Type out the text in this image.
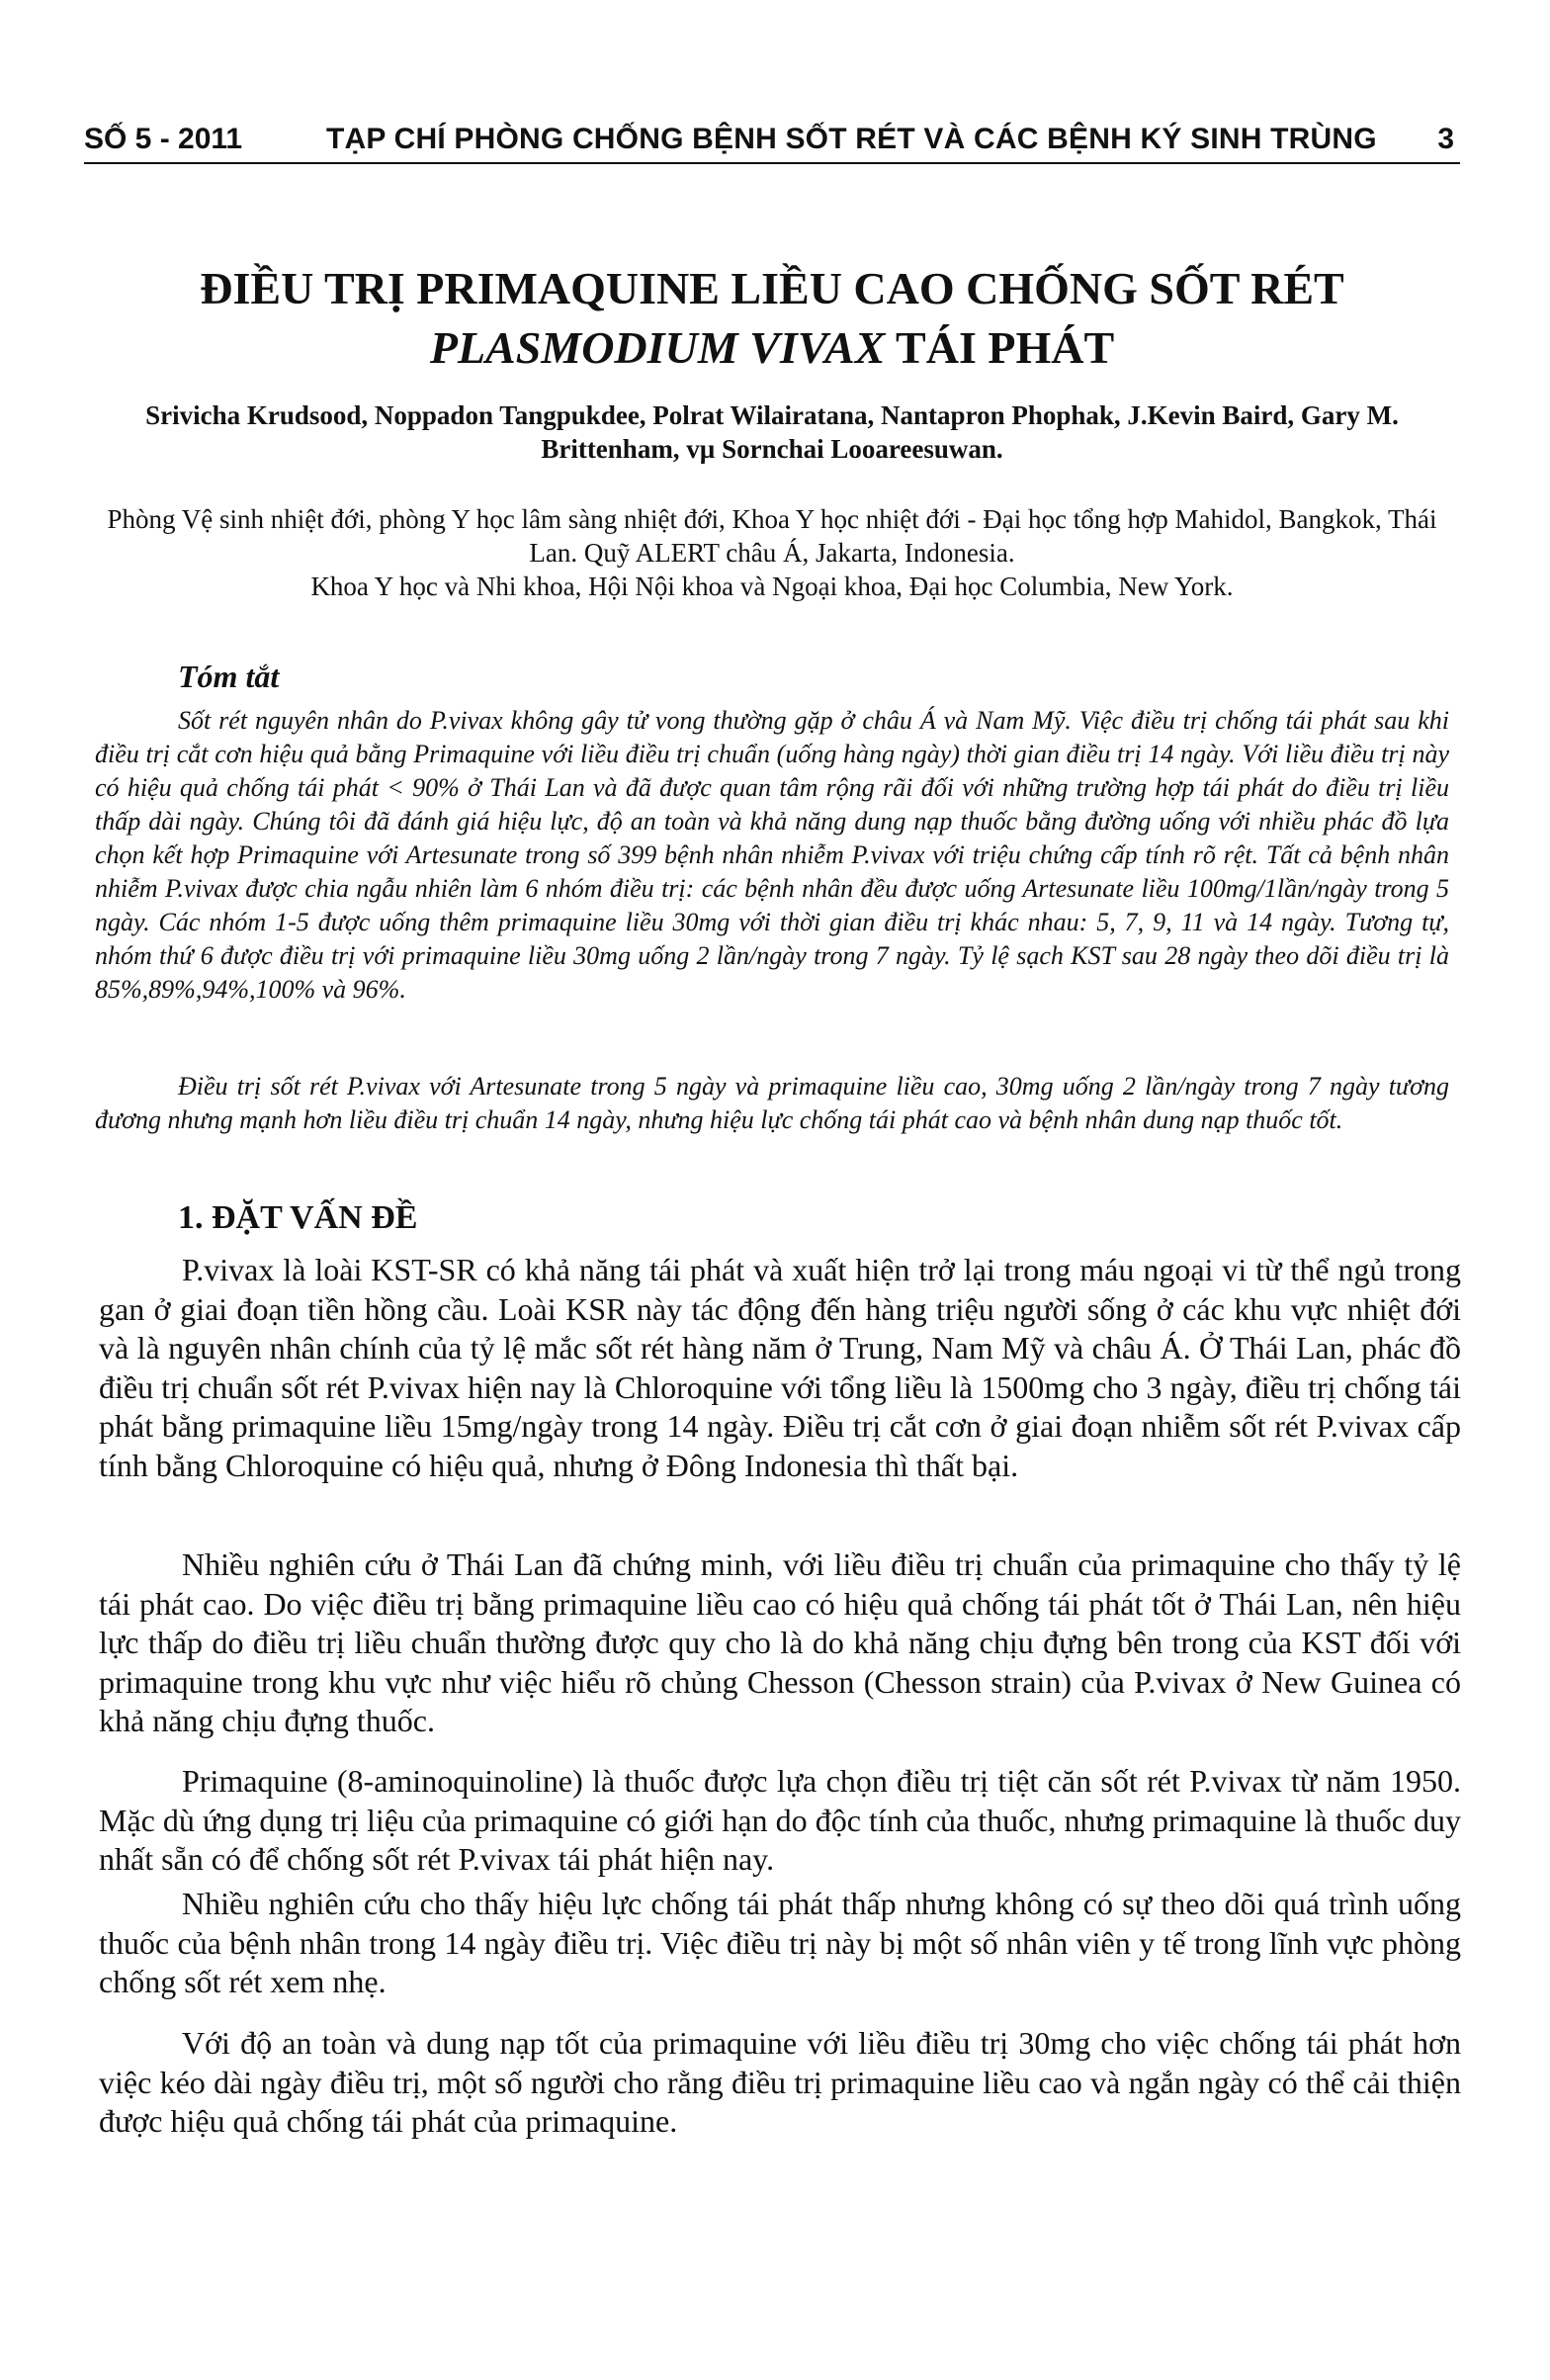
SỐ 5 - 2011	TẠP CHÍ PHÒNG CHỐNG BỆNH SỐT RÉT VÀ CÁC BỆNH KÝ SINH TRÙNG 3
ĐIỀU TRỊ PRIMAQUINE LIỀU CAO CHỐNG SỐT RÉT
PLASMODIUM VIVAX TÁI PHÁT

Srivicha Krudsood, Noppadon Tangpukdee, Polrat Wilairatana, Nantapron Phophak, J.Kevin Baird, Gary M. Brittenham, vµ Sornchai Looareesuwan.

Phòng Vệ sinh nhiệt đới, phòng Y học lâm sàng nhiệt đới, Khoa Y học nhiệt đới - Đại học tổng hợp Mahidol, Bangkok, Thái Lan. Quỹ ALERT châu Á, Jakarta, Indonesia.

Khoa Y học và Nhi khoa, Hội Nội khoa và Ngoại khoa, Đại học Columbia, New York.

Tóm tắt

Sốt rét nguyên nhân do P.vivax không gây tử vong thường gặp ở châu Á và Nam Mỹ. Việc điều trị chống tái phát sau khi điều trị cắt cơn hiệu quả bằng Primaquine với liều điều trị chuẩn (uống hàng ngày) thời gian điều trị 14 ngày. Với liều điều trị này có hiệu quả chống tái phát < 90% ở Thái Lan và đã được quan tâm rộng rãi đối với những trường hợp tái phát do điều trị liều thấp dài ngày. Chúng tôi đã đánh giá hiệu lực, độ an toàn và khả năng dung nạp thuốc bằng đường uống với nhiều phác đồ lựa chọn kết hợp Primaquine với Artesunate trong số 399 bệnh nhân nhiễm P.vivax với triệu chứng cấp tính rõ rệt. Tất cả bệnh nhân nhiễm P.vivax được chia ngẫu nhiên làm 6 nhóm điều trị: các bệnh nhân đều được uống Artesunate liều 100mg/1lần/ngày trong 5 ngày. Các nhóm 1-5 được uống thêm primaquine liều 30mg với thời gian điều trị khác nhau: 5, 7, 9, 11 và 14 ngày. Tương tự, nhóm thứ 6 được điều trị với primaquine liều 30mg uống 2 lần/ngày trong 7 ngày. Tỷ lệ sạch KST sau 28 ngày theo dõi điều trị là 85%,89%,94%,100% và 96%.

Điều trị sốt rét P.vivax với Artesunate trong 5 ngày và primaquine liều cao, 30mg uống 2 lần/ngày trong 7 ngày tương đương nhưng mạnh hơn liều điều trị chuẩn 14 ngày, nhưng hiệu lực chống tái phát cao và bệnh nhân dung nạp thuốc tốt.

1. ĐẶT VẤN ĐỀ

P.vivax là loài KST-SR có khả năng tái phát và xuất hiện trở lại trong máu ngoại vi từ thể ngủ trong gan ở giai đoạn tiền hồng cầu. Loài KSR này tác động đến hàng triệu người sống ở các khu vực nhiệt đới và là nguyên nhân chính của tỷ lệ mắc sốt rét hàng năm ở Trung, Nam Mỹ và châu Á. Ở Thái Lan, phác đồ điều trị chuẩn sốt rét P.vivax hiện nay là Chloroquine với tổng liều là 1500mg cho 3 ngày, điều trị chống tái phát bằng primaquine liều 15mg/ngày trong 14 ngày. Điều trị cắt cơn ở giai đoạn nhiễm sốt rét P.vivax cấp tính bằng Chloroquine có hiệu quả, nhưng ở Đông Indonesia thì thất bại.

Nhiều nghiên cứu ở Thái Lan đã chứng minh, với liều điều trị chuẩn của primaquine cho thấy tỷ lệ tái phát cao. Do việc điều trị bằng primaquine liều cao có hiệu quả chống tái phát tốt ở Thái Lan, nên hiệu lực thấp do điều trị liều chuẩn thường được quy cho là do khả năng chịu đựng bên trong của KST đối với primaquine trong khu vực như việc hiểu rõ chủng Chesson (Chesson strain) của P.vivax ở New Guinea có khả năng chịu đựng thuốc.

Primaquine (8-aminoquinoline) là thuốc được lựa chọn điều trị tiệt căn sốt rét P.vivax từ năm 1950. Mặc dù ứng dụng trị liệu của primaquine có giới hạn do độc tính của thuốc, nhưng primaquine là thuốc duy nhất sẵn có để chống sốt rét P.vivax tái phát hiện nay.

Nhiều nghiên cứu cho thấy hiệu lực chống tái phát thấp nhưng không có sự theo dõi quá trình uống thuốc của bệnh nhân trong 14 ngày điều trị. Việc điều trị này bị một số nhân viên y tế trong lĩnh vực phòng chống sốt rét xem nhẹ.

Với độ an toàn và dung nạp tốt của primaquine với liều điều trị 30mg cho việc chống tái phát hơn việc kéo dài ngày điều trị, một số người cho rằng điều trị primaquine liều cao và ngắn ngày có thể cải thiện được hiệu quả chống tái phát của primaquine.
